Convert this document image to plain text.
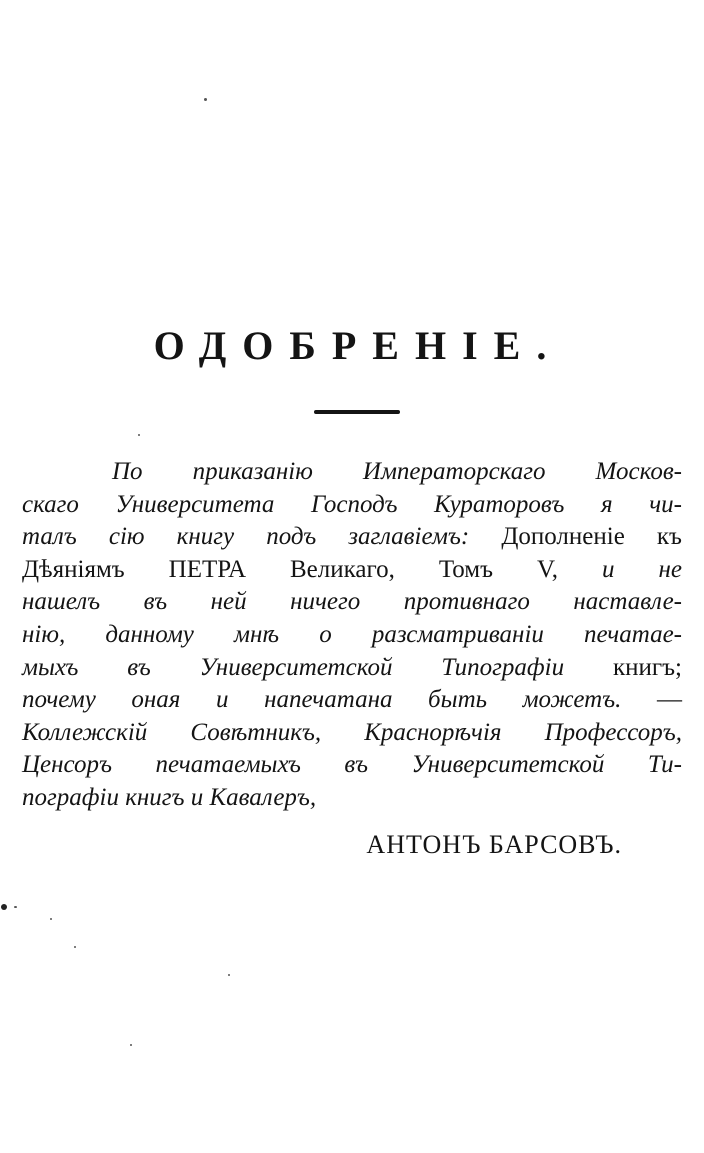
ОДОБРЕНІЕ.
По приказанію Императорскаго Москов-
скаго Университета Господъ Кураторовъ я чи-
талъ сію книгу подъ заглавіемъ: Дополненіе къ
Дѣяніямъ ПЕТРА Великаго, Томъ V, и не
нашелъ въ ней ничего противнаго наставле-
нію, данному мнѣ о разсматриваніи печатае-
мыхъ въ Университетской Типографіи книгъ;
почему оная и напечатана быть можетъ. —
Коллежскій Совѣтникъ, Краснорѣчія Профессоръ,
Ценсоръ печатаемыхъ въ Университетской Ти-
пографіи книгъ и Кавалеръ,
АНТОНЪ БАРСОВЪ.
